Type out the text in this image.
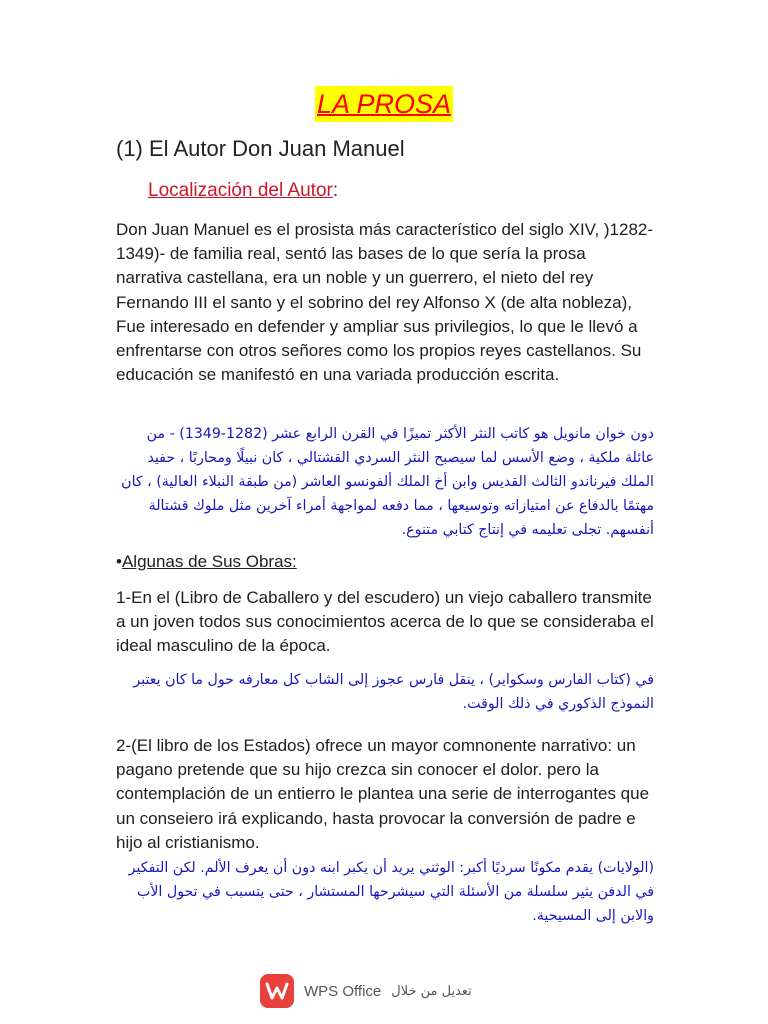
LA PROSA
(1) El Autor Don Juan Manuel
Localización del Autor:
Don Juan Manuel es el prosista más característico del siglo XIV, )1282-1349)- de familia real, sentó las bases de lo que sería la prosa narrativa castellana, era un noble y un guerrero, el nieto del rey Fernando III el santo y el sobrino del rey Alfonso X (de alta nobleza), Fue interesado en defender y ampliar sus privilegios, lo que le llevó a enfrentarse con otros señores como los propios reyes castellanos. Su educación se manifestó en una variada producción escrita.
دون خوان مانويل هو كاتب النثر الأكثر تميزًا في القرن الرابع عشر (1282-1349) - من عائلة ملكية ، وضع الأسس لما سيصبح النثر السردي القشتالي ، كان نبيلًا ومحاربًا ، حفيد الملك فيرناندو الثالث القديس وابن أخ الملك ألفونسو العاشر (من طبقة النبلاء العالية) ، كان مهتمًا بالدفاع عن امتيازاته وتوسيعها ، مما دفعه لمواجهة أمراء آخرين مثل ملوك قشتالة أنفسهم. تجلى تعليمه في إنتاج كتابي متنوع.
•Algunas de Sus Obras:
1-En el (Libro de Caballero y del escudero) un viejo caballero transmite a un joven todos sus conocimientos acerca de lo que se consideraba el ideal masculino de la época.
في (كتاب الفارس وسكواير) ، ينقل فارس عجوز إلى الشاب كل معارفه حول ما كان يعتبر النموذج الذكوري في ذلك الوقت.
2-(El libro de los Estados) ofrece un mayor comnonente narrativo: un pagano pretende que su hijo crezca sin conocer el dolor. pero la contemplación de un entierro le plantea una serie de interrogantes que un conseiero irá explicando, hasta provocar la conversión de padre e hijo al cristianismo.
(الولايات) يقدم مكونًا سرديًا أكبر: الوثني يريد أن يكبر ابنه دون أن يعرف الألم. لكن التفكير في الدفن يثير سلسلة من الأسئلة التي سيشرحها المستشار ، حتى يتسبب في تحول الأب والابن إلى المسيحية.
WPS Office تعديل من خلال
